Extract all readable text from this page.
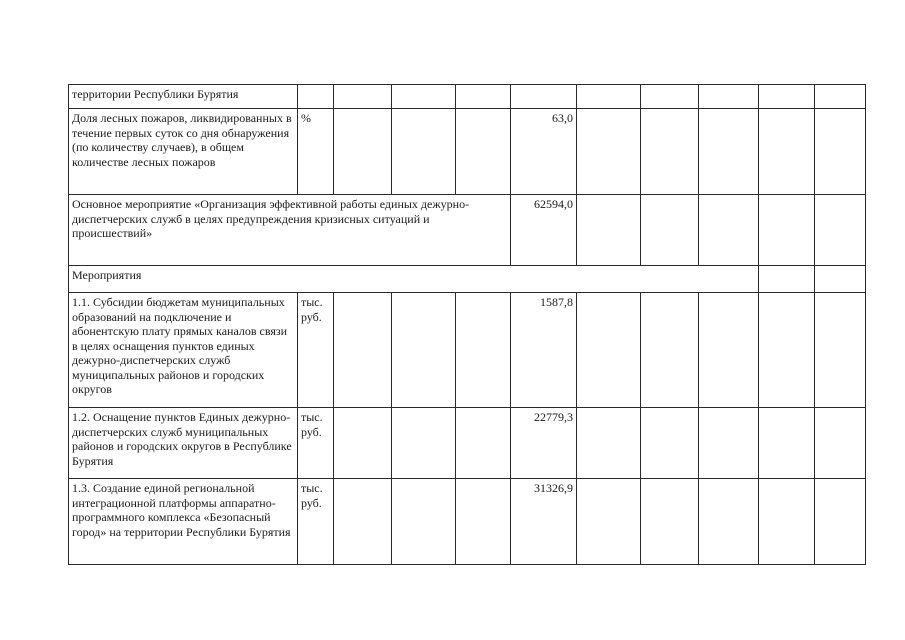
территории Республики Бурятия										
Доля лесных пожаров, ликвидированных в течение первых суток со дня обнаружения (по количеству случаев), в общем количестве лесных пожаров	%				63,0					
Основное мероприятие «Организация эффективной работы единых дежурно-диспетчерских служб в целях предупреждения кризисных ситуаций и происшествий»					62594,0					
Мероприятия										
1.1. Субсидии бюджетам муниципальных образований на подключение и абонентскую плату прямых каналов связи в целях оснащения пунктов единых дежурно-диспетчерских служб муниципальных районов и городских округов	тыс. руб.				1587,8					
1.2. Оснащение пунктов Единых дежурно-диспетчерских служб муниципальных районов и городских округов в Республике Бурятия	тыс. руб.				22779,3					
1.3. Создание единой региональной интеграционной платформы аппаратно-программного комплекса «Безопасный город» на территории Республики Бурятия	тыс. руб.				31326,9					
